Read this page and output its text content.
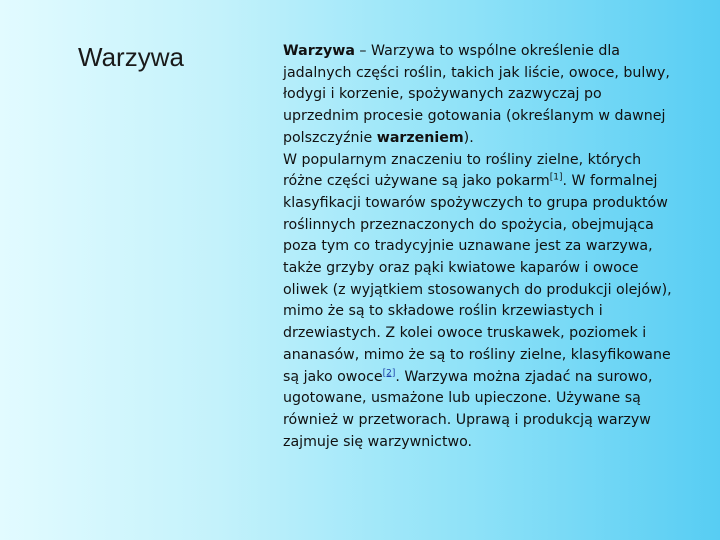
Warzywa	Warzywa – Warzywa to wspólne określenie dla jadalnych części roślin, takich jak liście, owoce, bulwy, łodygi i korzenie, spożywanych zazwyczaj po uprzednim procesie gotowania (określanym w dawnej polszczyźnie warzeniem).

W popularnym znaczeniu to rośliny zielne, których różne części używane są jako pokarm[1]. W formalnej klasyfikacji towarów spożywczych to grupa produktów roślinnych przeznaczonych do spożycia, obejmująca poza tym co tradycyjnie uznawane jest za warzywa, także grzyby oraz pąki kwiatowe kaparów i owoce oliwek (z wyjątkiem stosowanych do produkcji olejów), mimo że są to składowe roślin krzewiastych i drzewiastych. Z kolei owoce truskawek, poziomek i ananasów, mimo że są to rośliny zielne, klasyfikowane są jako owoce[2]. Warzywa można zjadać na surowo, ugotowane, usmażone lub upieczone. Używane są również w przetworach. Uprawą i produkcją warzyw zajmuje się warzywnictwo.
